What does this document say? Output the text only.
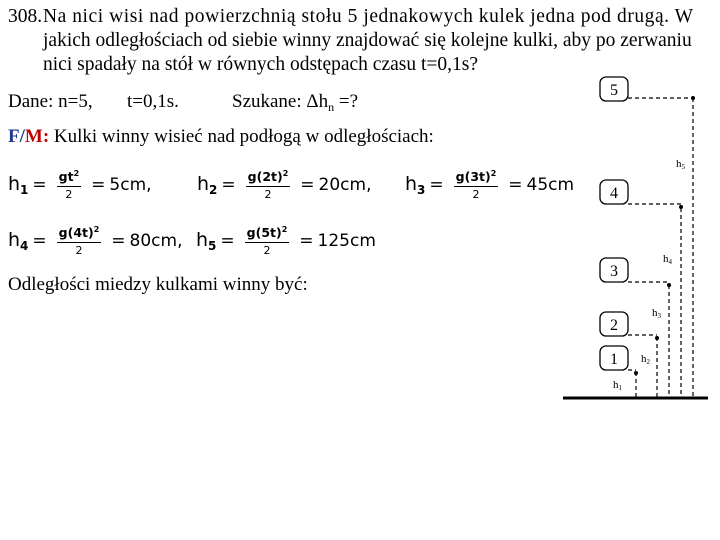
308. Na nici wisi nad powierzchnią stołu 5 jednakowych kulek jedna pod drugą. W
jakich odległościach od siebie winny znajdować się kolejne kulki, aby po zerwaniu
nici spadały na stół w równych odstępach czasu t=0,1s?
Dane: n=5, t=0,1s.	Szukane: $\Delta h_n$ =?
F/M: Kulki winny wisieć nad podłogą w odległościach:
$h_1 = \frac{gt^2}{2} = 5cm$, $h_2 = \frac{g(2t)^2}{2} = 20cm$, $h_3 = \frac{g(3t)^2}{2} = 45cm$
$h_4 = \frac{g(4t)^2}{2} = 80cm$, $h_5 = \frac{g(5t)^2}{2} = 125cm$
Odległości miedzy kulkami winny być:
5
4
3
2
1
h5
h4
h3
h2
h1
